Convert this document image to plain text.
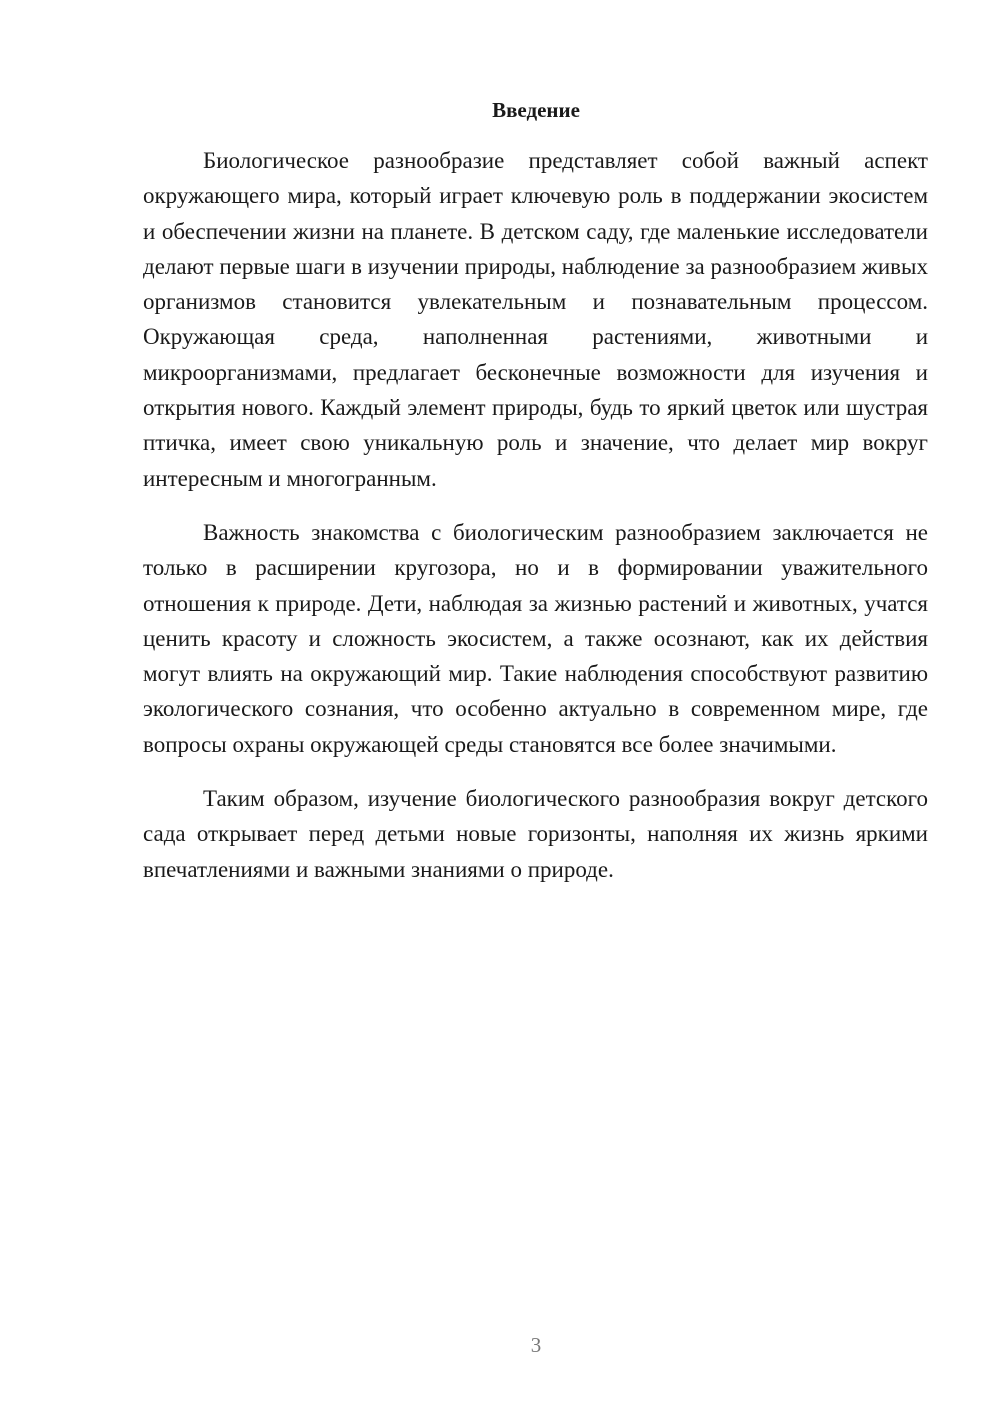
Введение

Биологическое разнообразие представляет собой важный аспект окружающего мира, который играет ключевую роль в поддержании экосистем и обеспечении жизни на планете. В детском саду, где маленькие исследователи делают первые шаги в изучении природы, наблюдение за разнообразием живых организмов становится увлекательным и познавательным процессом. Окружающая среда, наполненная растениями, животными и микроорганизмами, предлагает бесконечные возможности для изучения и открытия нового. Каждый элемент природы, будь то яркий цветок или шустрая птичка, имеет свою уникальную роль и значение, что делает мир вокруг интересным и многогранным.

Важность знакомства с биологическим разнообразием заключается не только в расширении кругозора, но и в формировании уважительного отношения к природе. Дети, наблюдая за жизнью растений и животных, учатся ценить красоту и сложность экосистем, а также осознают, как их действия могут влиять на окружающий мир. Такие наблюдения способствуют развитию экологического сознания, что особенно актуально в современном мире, где вопросы охраны окружающей среды становятся все более значимыми.

Таким образом, изучение биологического разнообразия вокруг детского сада открывает перед детьми новые горизонты, наполняя их жизнь яркими впечатлениями и важными знаниями о природе.

3
